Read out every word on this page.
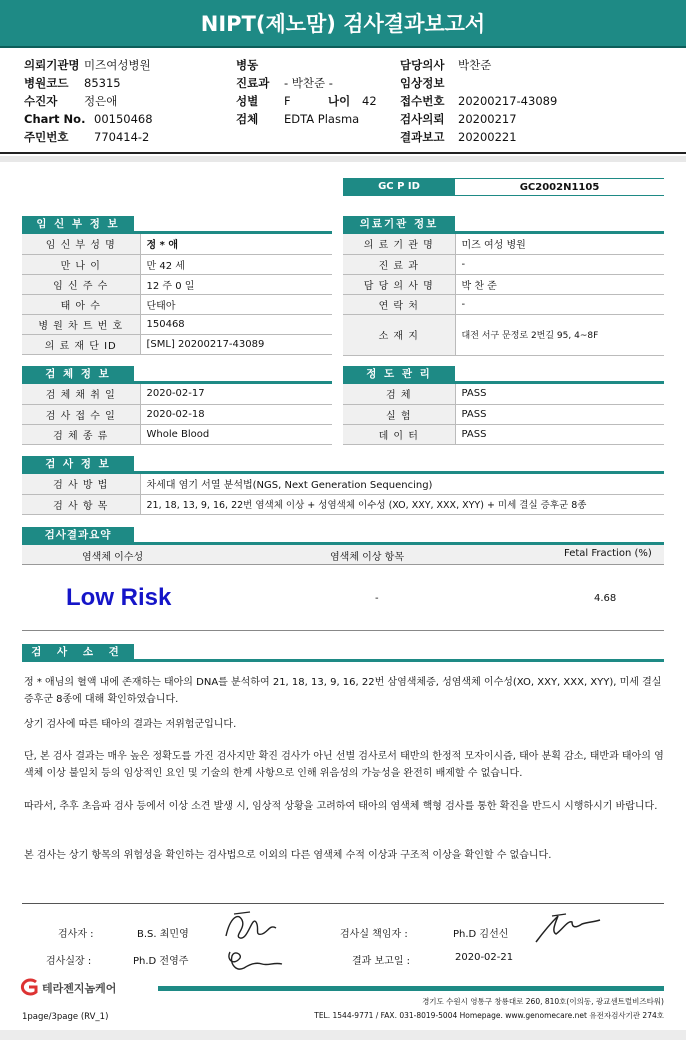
NIPT(제노맘) 검사결과보고서
의뢰기관명 미즈여성병원
병원코드 85315
수진자 정은애
Chart No. 00150468
주민번호 770414-2
병동
진료과 - 박찬준 -
성별 F	나이 42
검체 EDTA Plasma
담당의사 박찬준
임상정보
접수번호 20200217-43089
검사의뢰 20200217
결과보고 20200221
GC P ID	GC2002N1105
임 신 부 정 보
임 신 부 성 명	정 * 애
만 나 이	만 42 세
임 신 주 수	12 주 0 일
태 아 수	단태아
병 원 차 트 번 호	150468
의 료 재 단 ID	[SML] 20200217-43089
의료기관 정보
의 료 기 관 명	미즈 여성 병원
진 료 과	-
담 당 의 사 명	박 찬 준
연 락 처	-
소 재 지	대전 서구 문정로 2번길 95, 4~8F
검 체 정 보
검 체 채 취 일	2020-02-17
검 사 접 수 일	2020-02-18
검 체 종 류	Whole Blood
정 도 관 리
검 체	PASS
실 험	PASS
데 이 터	PASS
검 사 정 보
검 사 방 법	차세대 염기 서열 분석법(NGS, Next Generation Sequencing)
검 사 항 목	21, 18, 13, 9, 16, 22번 염색체 이상 + 성염색체 이수성 (XO, XXY, XXX, XYY) + 미세 결실 증후군 8종
검사결과요약
염색체 이수성	염색체 이상 항목	Fetal Fraction (%)
Low Risk	-	4.68
검 사 소 견
정 * 애님의 혈액 내에 존재하는 태아의 DNA를 분석하여 21, 18, 13, 9, 16, 22번 삼염색체증, 성염색체 이수성(XO, XXY, XXX, XYY), 미세 결실 증후군 8종에 대해 확인하였습니다.
상기 검사에 따른 태아의 결과는 저위험군입니다.
단, 본 검사 결과는 매우 높은 정확도를 가진 검사지만 확진 검사가 아닌 선별 검사로서 태반의 한정적 모자이시즘, 태아 분획 감소, 태반과 태아의 염색체 이상 불일치 등의 임상적인 요인 및 기술의 한계 사항으로 인해 위음성의 가능성을 완전히 배제할 수 없습니다.
따라서, 추후 초음파 검사 등에서 이상 소견 발생 시, 임상적 상황을 고려하여 태아의 염색체 핵형 검사를 통한 확진을 반드시 시행하시기 바랍니다.
본 검사는 상기 항목의 위험성을 확인하는 검사법으로 이외의 다른 염색체 수적 이상과 구조적 이상을 확인할 수 없습니다.
검사자 :	B.S. 최민영
검사실장 :	Ph.D 전영주
검사실 책임자 :	Ph.D 김선신
결과 보고일 :	2020-02-21
테라젠지놈케어
경기도 수원시 영통구 창룡대로 260, 810호(이의동, 광교센트럴비즈타워)
TEL. 1544-9771 / FAX. 031-8019-5004 Homepage. www.genomecare.net 유전자검사기관 274호
1page/3page (RV_1)
